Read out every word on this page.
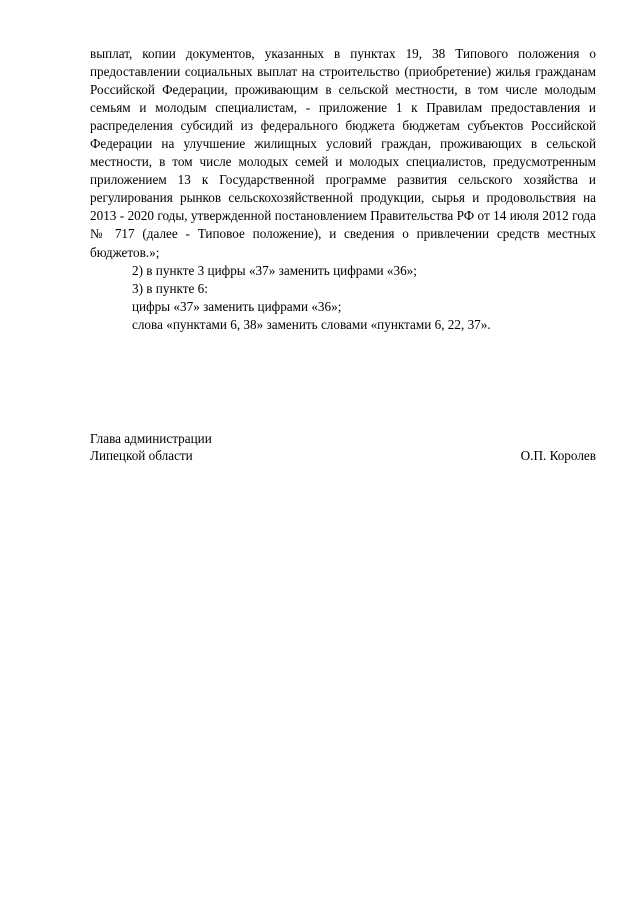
выплат, копии документов, указанных в пунктах 19, 38 Типового положения о предоставлении социальных выплат на строительство (приобретение) жилья гражданам Российской Федерации, проживающим в сельской местности, в том числе молодым семьям и молодым специалистам, - приложение 1 к Правилам предоставления и распределения субсидий из федерального бюджета бюджетам субъектов Российской Федерации на улучшение жилищных условий граждан, проживающих в сельской местности, в том числе молодых семей и молодых специалистов, предусмотренным приложением 13 к Государственной программе развития сельского хозяйства и регулирования рынков сельскохозяйственной продукции, сырья и продовольствия на 2013 - 2020 годы, утвержденной постановлением Правительства РФ от 14 июля 2012 года № 717 (далее - Типовое положение), и сведения о привлечении средств местных бюджетов.»;

2) в пункте 3 цифры «37» заменить цифрами «36»;

3) в пункте 6:

цифры «37» заменить цифрами «36»;

слова «пунктами 6, 38» заменить словами «пунктами 6, 22, 37».

Глава администрации
Липецкой области	О.П. Королев
